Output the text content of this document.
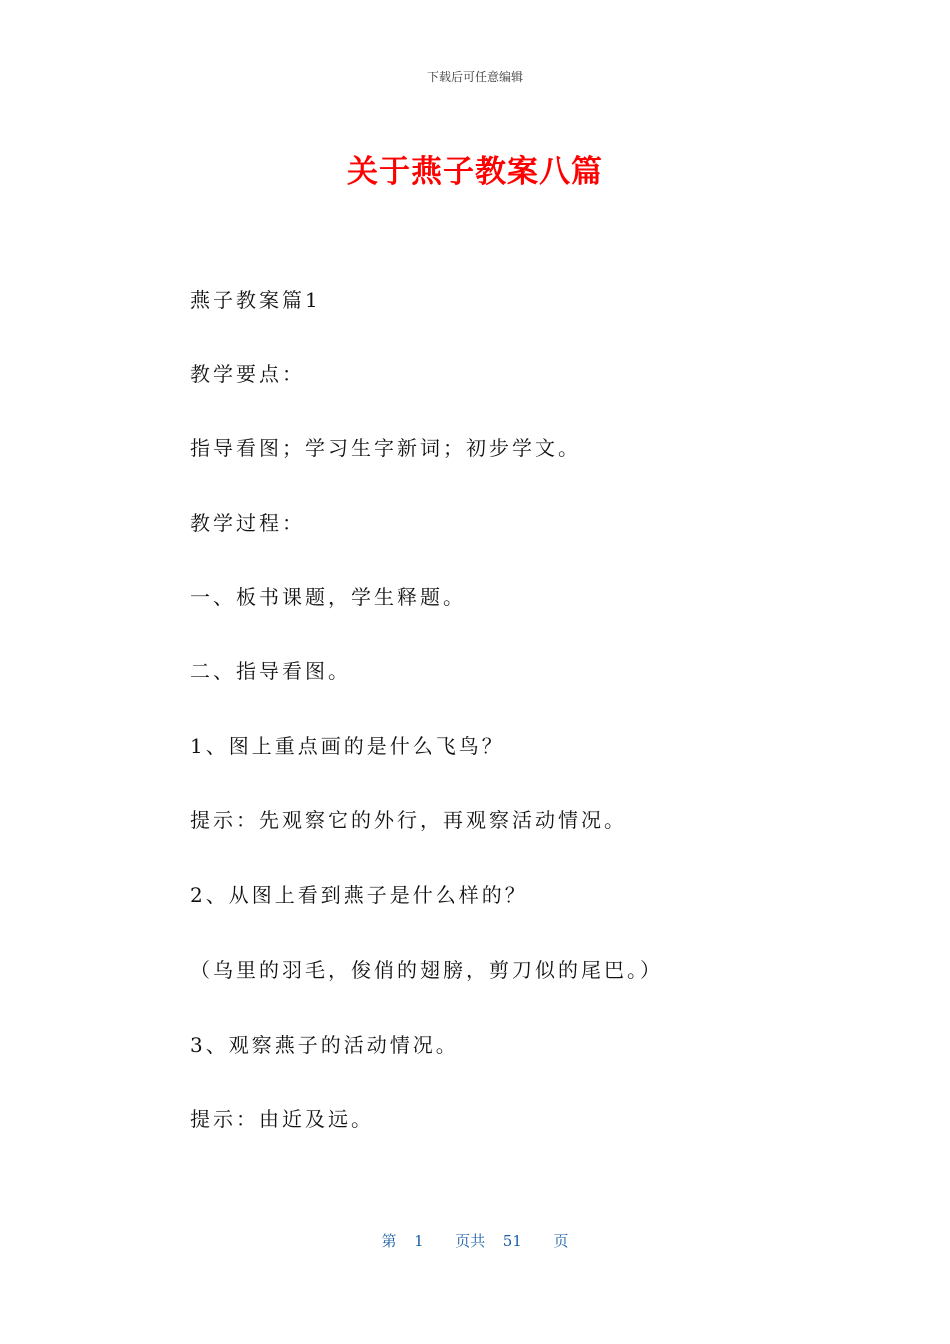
下载后可任意编辑
关于燕子教案八篇
燕子教案篇1
教学要点：
指导看图；学习生字新词；初步学文。
教学过程：
一、板书课题，学生释题。
二、指导看图。
1、图上重点画的是什么飞鸟？
提示：先观察它的外行，再观察活动情况。
2、从图上看到燕子是什么样的？
（乌里的羽毛，俊俏的翅膀，剪刀似的尾巴。）
3、观察燕子的活动情况。
提示：由近及远。
第 1 页共 51 页
